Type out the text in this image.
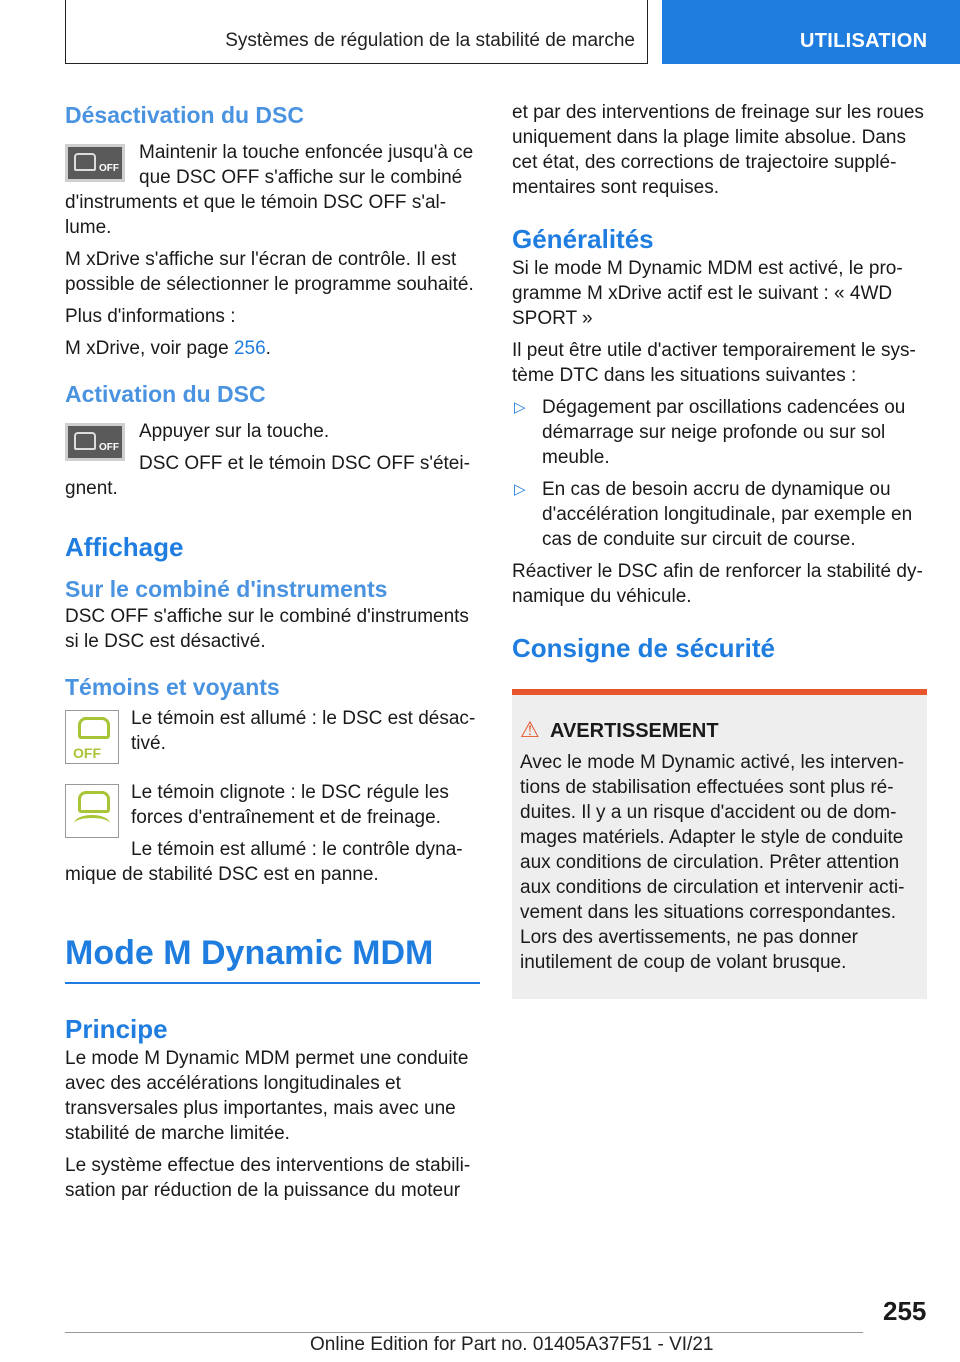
Systèmes de régulation de la stabilité de marche	UTILISATION
Désactivation du DSC
OFF

Maintenir la touche enfoncée jusqu'à ce que DSC OFF s'affiche sur le combiné d'instruments et que le témoin DSC OFF s'allume.

M xDrive s'affiche sur l'écran de contrôle. Il est possible de sélectionner le programme souhaité.

Plus d'informations :

M xDrive, voir page 256.

Activation du DSC
OFF

Appuyer sur la touche.

DSC OFF et le témoin DSC OFF s'éteignent.

Affichage
Sur le combiné d'instruments

DSC OFF s'affiche sur le combiné d'instruments si le DSC est désactivé.

Témoins et voyants
OFF

Le témoin est allumé : le DSC est désactivé.

Le témoin clignote : le DSC régule les forces d'entraînement et de freinage.

Le témoin est allumé : le contrôle dynamique de stabilité DSC est en panne.

Mode M Dynamic MDM
Principe

Le mode M Dynamic MDM permet une conduite avec des accélérations longitudinales et transversales plus importantes, mais avec une stabilité de marche limitée.

Le système effectue des interventions de stabilisation par réduction de la puissance du moteur

et par des interventions de freinage sur les roues uniquement dans la plage limite absolue. Dans cet état, des corrections de trajectoire supplémentaires sont requises.

Généralités

Si le mode M Dynamic MDM est activé, le programme M xDrive actif est le suivant : « 4WD SPORT »

Il peut être utile d'activer temporairement le système DTC dans les situations suivantes :

▷ Dégagement par oscillations cadencées ou démarrage sur neige profonde ou sur sol meuble.
▷ En cas de besoin accru de dynamique ou d'accélération longitudinale, par exemple en cas de conduite sur circuit de course.

Réactiver le DSC afin de renforcer la stabilité dynamique du véhicule.

Consigne de sécurité
⚠ AVERTISSEMENT
Avec le mode M Dynamic activé, les interventions de stabilisation effectuées sont plus réduites. Il y a un risque d'accident ou de dommages matériels. Adapter le style de conduite aux conditions de circulation. Prêter attention aux conditions de circulation et intervenir activement dans les situations correspondantes. Lors des avertissements, ne pas donner inutilement de coup de volant brusque.
255
Online Edition for Part no. 01405A37F51 - VI/21
